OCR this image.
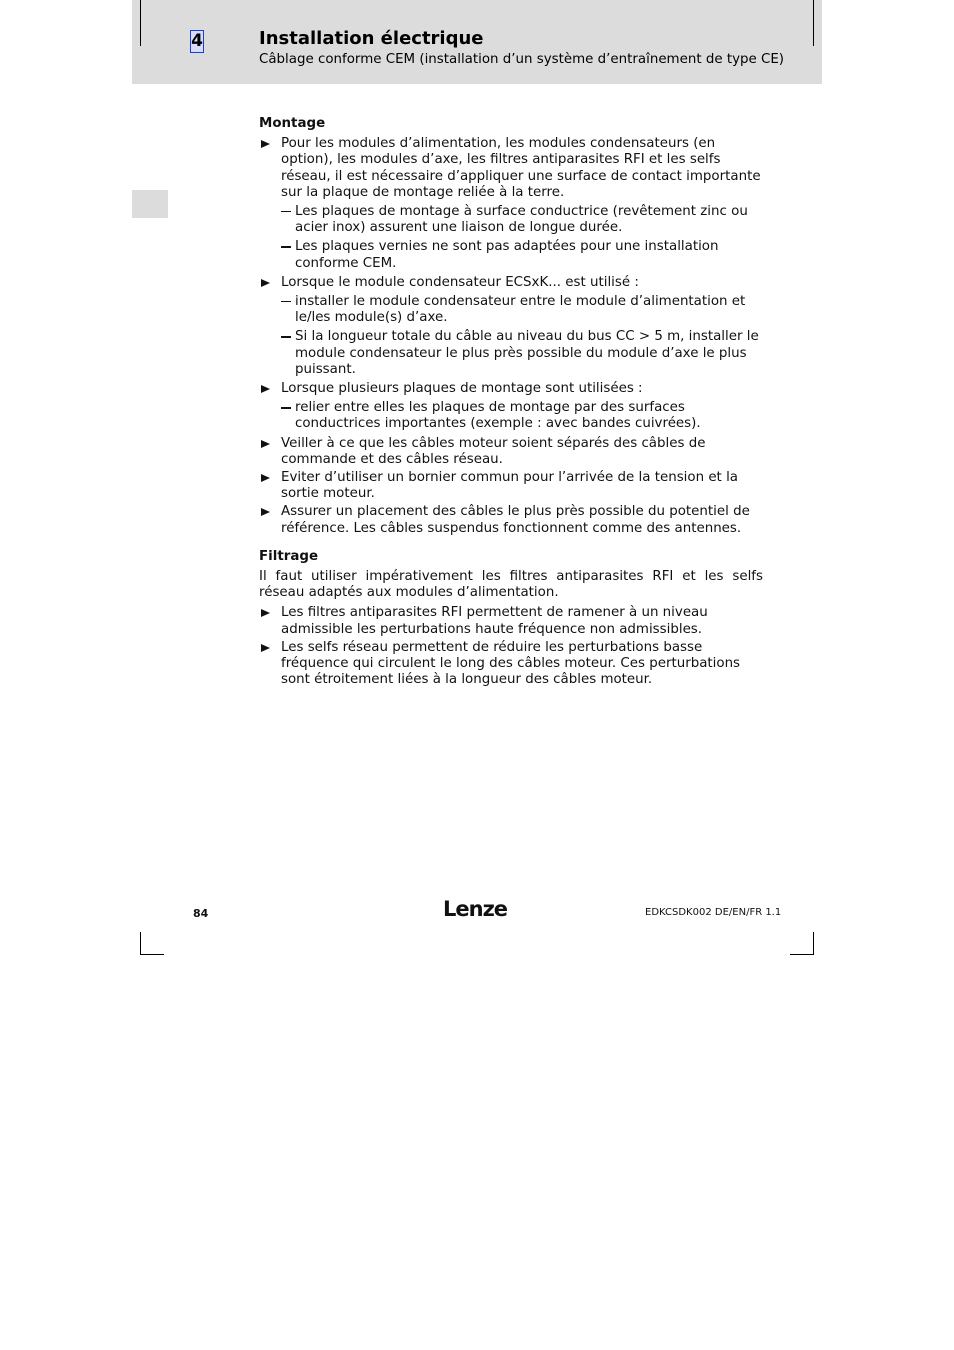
4	Installation électrique

Câblage conforme CEM (installation d’un système d’entraînement de type CE)

Montage
Pour les modules d’alimentation, les modules condensateurs (en option), les modules d’axe, les filtres antiparasites RFI et les selfs réseau, il est nécessaire d’appliquer une surface de contact importante sur la plaque de montage reliée à la terre.
Les plaques de montage à surface conductrice (revêtement zinc ou acier inox) assurent une liaison de longue durée.
Les plaques vernies ne sont pas adaptées pour une installation conforme CEM.
Lorsque le module condensateur ECSxK... est utilisé :
installer le module condensateur entre le module d’alimentation et le/les module(s) d’axe.
Si la longueur totale du câble au niveau du bus CC > 5 m, installer le module condensateur le plus près possible du module d’axe le plus puissant.
Lorsque plusieurs plaques de montage sont utilisées :
relier entre elles les plaques de montage par des surfaces conductrices importantes (exemple : avec bandes cuivrées).
Veiller à ce que les câbles moteur soient séparés des câbles de commande et des câbles réseau.
Eviter d’utiliser un bornier commun pour l’arrivée de la tension et la sortie moteur.
Assurer un placement des câbles le plus près possible du potentiel de référence. Les câbles suspendus fonctionnent comme des antennes.
Filtrage

Il faut utiliser impérativement les filtres antiparasites RFI et les selfs réseau adaptés aux modules d’alimentation.

Les filtres antiparasites RFI permettent de ramener à un niveau admissible les perturbations haute fréquence non admissibles.
Les selfs réseau permettent de réduire les perturbations basse fréquence qui circulent le long des câbles moteur. Ces perturbations sont étroitement liées à la longueur des câbles moteur.
84	Lenze	EDKCSDK002 DE/EN/FR 1.1
